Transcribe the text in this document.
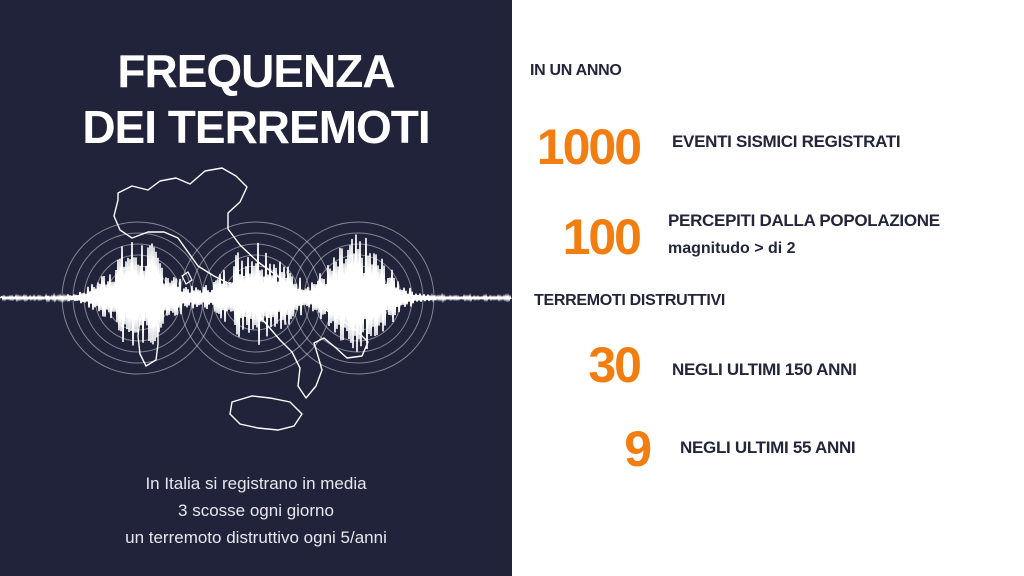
FREQUENZA
DEI TERREMOTI
In Italia si registrano in media
3 scosse ogni giorno
un terremoto distruttivo ogni 5/anni
IN UN ANNO
1000 EVENTI SISMICI REGISTRATI
100 PERCEPITI DALLA POPOLAZIONE
magnitudo > di 2
TERREMOTI DISTRUTTIVI
30 NEGLI ULTIMI 150 ANNI
9 NEGLI ULTIMI 55 ANNI
